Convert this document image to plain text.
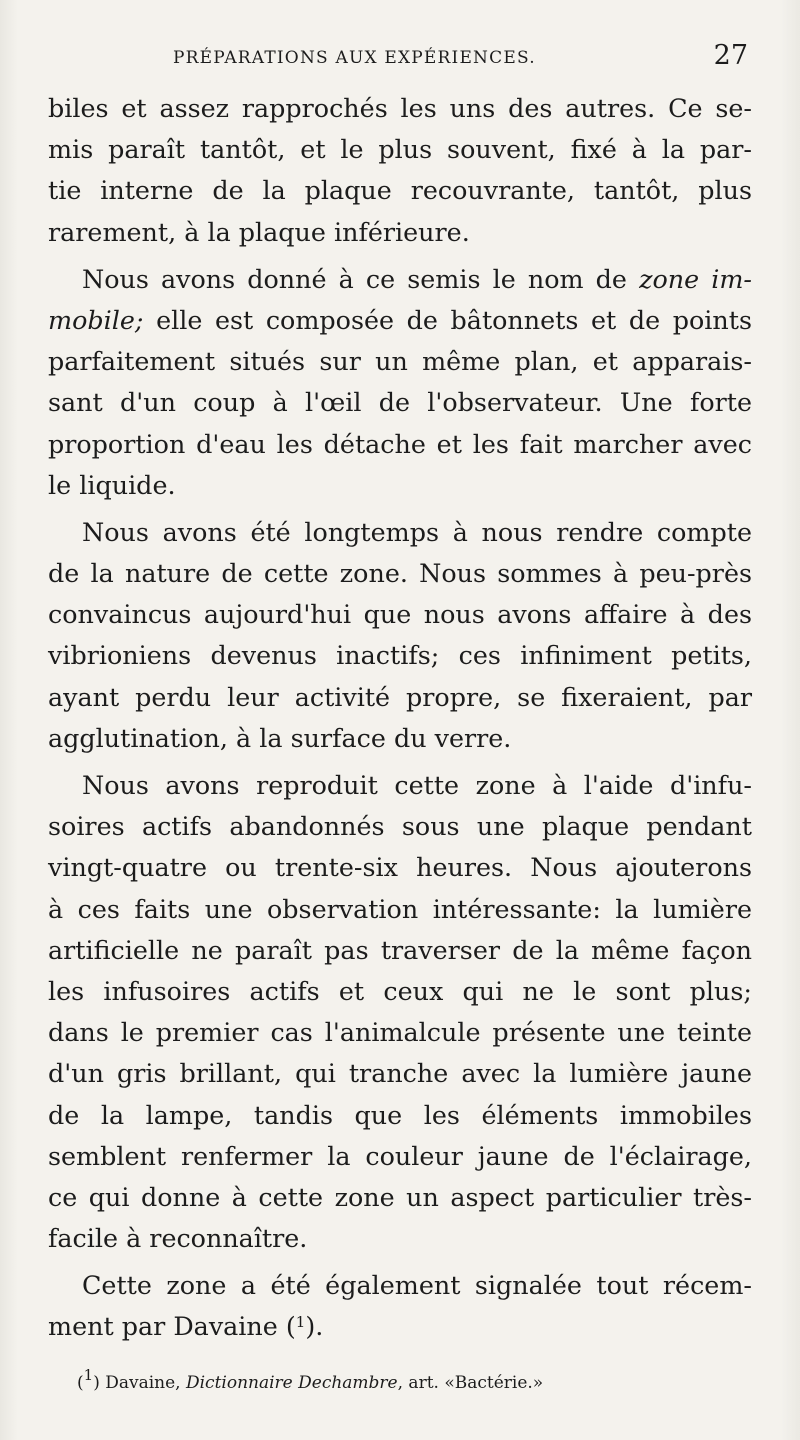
PRÉPARATIONS AUX EXPÉRIENCES.	27
biles et assez rapprochés les uns des autres. Ce se-
mis paraît tantôt, et le plus souvent, fixé à la par-
tie interne de la plaque recouvrante, tantôt, plus
rarement, à la plaque inférieure.
Nous avons donné à ce semis le nom de zone im-
mobile; elle est composée de bâtonnets et de points
parfaitement situés sur un même plan, et apparais-
sant d'un coup à l'œil de l'observateur. Une forte
proportion d'eau les détache et les fait marcher avec
le liquide.
Nous avons été longtemps à nous rendre compte
de la nature de cette zone. Nous sommes à peu-près
convaincus aujourd'hui que nous avons affaire à des
vibrioniens devenus inactifs; ces infiniment petits,
ayant perdu leur activité propre, se fixeraient, par
agglutination, à la surface du verre.
Nous avons reproduit cette zone à l'aide d'infu-
soires actifs abandonnés sous une plaque pendant
vingt-quatre ou trente-six heures. Nous ajouterons
à ces faits une observation intéressante: la lumière
artificielle ne paraît pas traverser de la même façon
les infusoires actifs et ceux qui ne le sont plus;
dans le premier cas l'animalcule présente une teinte
d'un gris brillant, qui tranche avec la lumière jaune
de la lampe, tandis que les éléments immobiles
semblent renfermer la couleur jaune de l'éclairage,
ce qui donne à cette zone un aspect particulier très-
facile à reconnaître.
Cette zone a été également signalée tout récem-
ment par Davaine ($^1$).
($^1$) Davaine, Dictionnaire Dechambre, art. «Bactérie.»
